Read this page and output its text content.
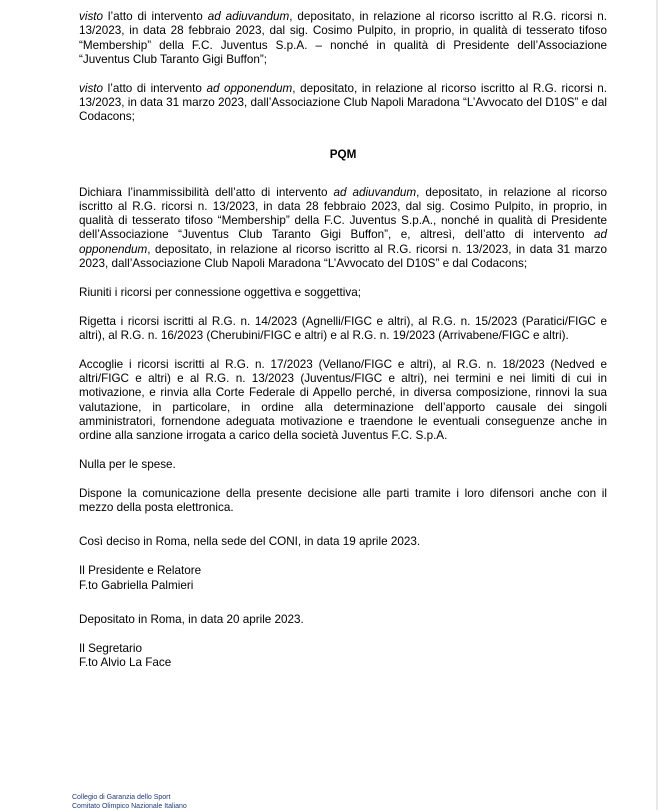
visto l’atto di intervento ad adiuvandum, depositato, in relazione al ricorso iscritto al R.G. ricorsi n. 13/2023, in data 28 febbraio 2023, dal sig. Cosimo Pulpito, in proprio, in qualità di tesserato tifoso “Membership” della F.C. Juventus S.p.A. – nonché in qualità di Presidente dell’Associazione “Juventus Club Taranto Gigi Buffon”;

visto l’atto di intervento ad opponendum, depositato, in relazione al ricorso iscritto al R.G. ricorsi n. 13/2023, in data 31 marzo 2023, dall’Associazione Club Napoli Maradona “L’Avvocato del D10S” e dal Codacons;

PQM

Dichiara l’inammissibilità dell’atto di intervento ad adiuvandum, depositato, in relazione al ricorso iscritto al R.G. ricorsi n. 13/2023, in data 28 febbraio 2023, dal sig. Cosimo Pulpito, in proprio, in qualità di tesserato tifoso “Membership” della F.C. Juventus S.p.A., nonché in qualità di Presidente dell’Associazione “Juventus Club Taranto Gigi Buffon”, e, altresì, dell’atto di intervento ad opponendum, depositato, in relazione al ricorso iscritto al R.G. ricorsi n. 13/2023, in data 31 marzo 2023, dall’Associazione Club Napoli Maradona “L’Avvocato del D10S” e dal Codacons;

Riuniti i ricorsi per connessione oggettiva e soggettiva;

Rigetta i ricorsi iscritti al R.G. n. 14/2023 (Agnelli/FIGC e altri), al R.G. n. 15/2023 (Paratici/FIGC e altri), al R.G. n. 16/2023 (Cherubini/FIGC e altri) e al R.G. n. 19/2023 (Arrivabene/FIGC e altri).

Accoglie i ricorsi iscritti al R.G. n. 17/2023 (Vellano/FIGC e altri), al R.G. n. 18/2023 (Nedved e altri/FIGC e altri) e al R.G. n. 13/2023 (Juventus/FIGC e altri), nei termini e nei limiti di cui in motivazione, e rinvia alla Corte Federale di Appello perché, in diversa composizione, rinnovi la sua valutazione, in particolare, in ordine alla determinazione dell’apporto causale dei singoli amministratori, fornendone adeguata motivazione e traendone le eventuali conseguenze anche in ordine alla sanzione irrogata a carico della società Juventus F.C. S.p.A.

Nulla per le spese.

Dispone la comunicazione della presente decisione alle parti tramite i loro difensori anche con il mezzo della posta elettronica.

Così deciso in Roma, nella sede del CONI, in data 19 aprile 2023.

Il Presidente e Relatore
F.to Gabriella Palmieri

Depositato in Roma, in data 20 aprile 2023.

Il Segretario
F.to Alvio La Face

Collegio di Garanzia dello Sport
Comitato Olimpico Nazionale Italiano
